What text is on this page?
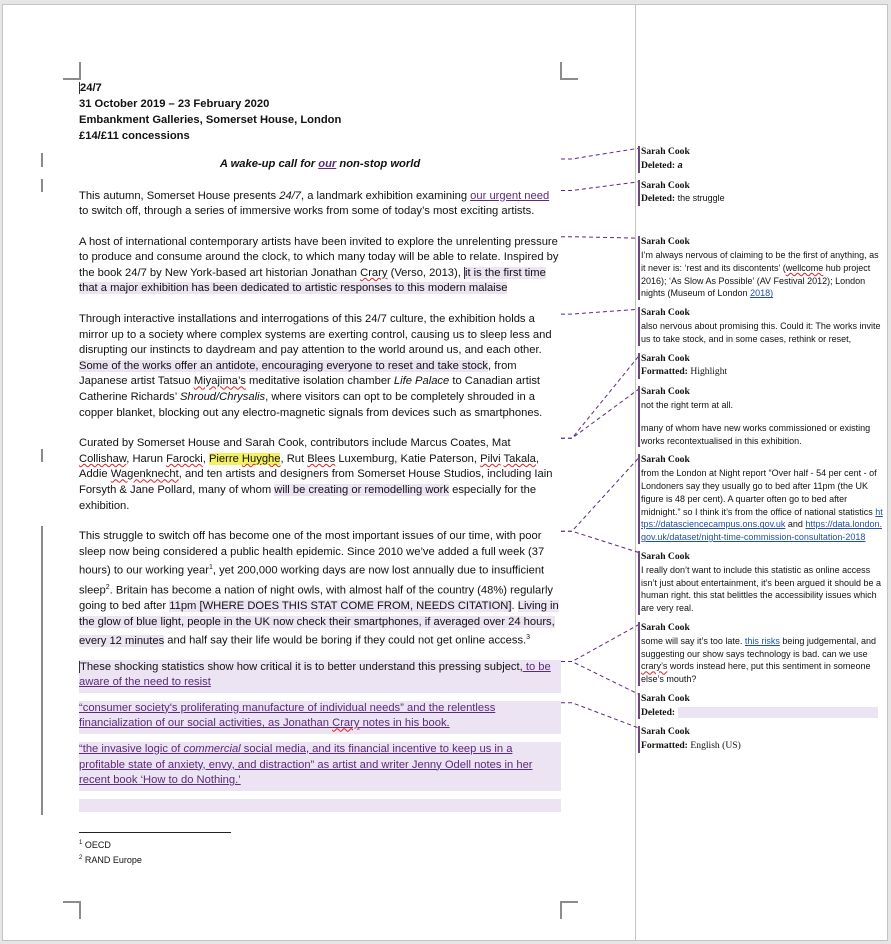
24/7
31 October 2019 – 23 February 2020
Embankment Galleries, Somerset House, London
£14/£11 concessions
A wake-up call for our non-stop world
This autumn, Somerset House presents 24/7, a landmark exhibition examining our urgent need to switch off, through a series of immersive works from some of today’s most exciting artists.
A host of international contemporary artists have been invited to explore the unrelenting pressure to produce and consume around the clock, to which many today will be able to relate. Inspired by the book 24/7 by New York-based art historian Jonathan Crary (Verso, 2013), it is the first time that a major exhibition has been dedicated to artistic responses to this modern malaise
Through interactive installations and interrogations of this 24/7 culture, the exhibition holds a mirror up to a society where complex systems are exerting control, causing us to sleep less and disrupting our instincts to daydream and pay attention to the world around us, and each other. Some of the works offer an antidote, encouraging everyone to reset and take stock, from Japanese artist Tatsuo Miyajima’s meditative isolation chamber Life Palace to Canadian artist Catherine Richards’ Shroud/Chrysalis, where visitors can opt to be completely shrouded in a copper blanket, blocking out any electro-magnetic signals from devices such as smartphones.
Curated by Somerset House and Sarah Cook, contributors include Marcus Coates, Mat Collishaw, Harun Farocki, Pierre Huyghe, Rut Blees Luxemburg, Katie Paterson, Pilvi Takala, Addie Wagenknecht, and ten artists and designers from Somerset House Studios, including Iain Forsyth & Jane Pollard, many of whom will be creating or remodelling work especially for the exhibition.
This struggle to switch off has become one of the most important issues of our time, with poor sleep now being considered a public health epidemic. Since 2010 we’ve added a full week (37 hours) to our working year$^1$, yet 200,000 working days are now lost annually due to insufficient sleep$^2$. Britain has become a nation of night owls, with almost half of the country (48%) regularly going to bed after 11pm [WHERE DOES THIS STAT COME FROM, NEEDS CITATION]. Living in the glow of blue light, people in the UK now check their smartphones, if averaged over 24 hours, every 12 minutes and half say their life would be boring if they could not get online access.$^3$
These shocking statistics show how critical it is to better understand this pressing subject, to be aware of the need to resist
“consumer society's proliferating manufacture of individual needs” and the relentless financialization of our social activities, as Jonathan Crary notes in his book.
“the invasive logic of commercial social media, and its financial incentive to keep us in a profitable state of anxiety, envy, and distraction” as artist and writer Jenny Odell notes in her recent book ‘How to do Nothing.’
$^1$ OECD
$^2$ RAND Europe
Sarah Cook
Deleted: a
Sarah Cook
Deleted: the struggle
Sarah Cook
I’m always nervous of claiming to be the first of anything, as it never is: ‘rest and its discontents’ (wellcome hub project 2016); ‘As Slow As Possible’ (AV Festival 2012); London nights (Museum of London 2018)
Sarah Cook
also nervous about promising this. Could it: The works invite us to take stock, and in some cases, rethink or reset,
Sarah Cook
Formatted: Highlight
Sarah Cook
not the right term at all.
many of whom have new works commissioned or existing works recontextualised in this exhibition.
Sarah Cook
from the London at Night report “Over half - 54 per cent - of Londoners say they usually go to bed after 11pm (the UK figure is 48 per cent). A quarter often go to bed after midnight.” so I think it’s from the office of national statistics https://datasciencecampus.ons.gov.uk and https://data.london.gov.uk/dataset/night-time-commission-consultation-2018
Sarah Cook
I really don’t want to include this statistic as online access isn’t just about entertainment, it’s been argued it should be a human right. this stat belittles the accessibility issues which are very real.
Sarah Cook
some will say it’s too late. this risks being judgemental, and suggesting our show says technology is bad. can we use crary’s words instead here, put this sentiment in someone else’s mouth?
Sarah Cook
Deleted:
Sarah Cook
Formatted: English (US)
